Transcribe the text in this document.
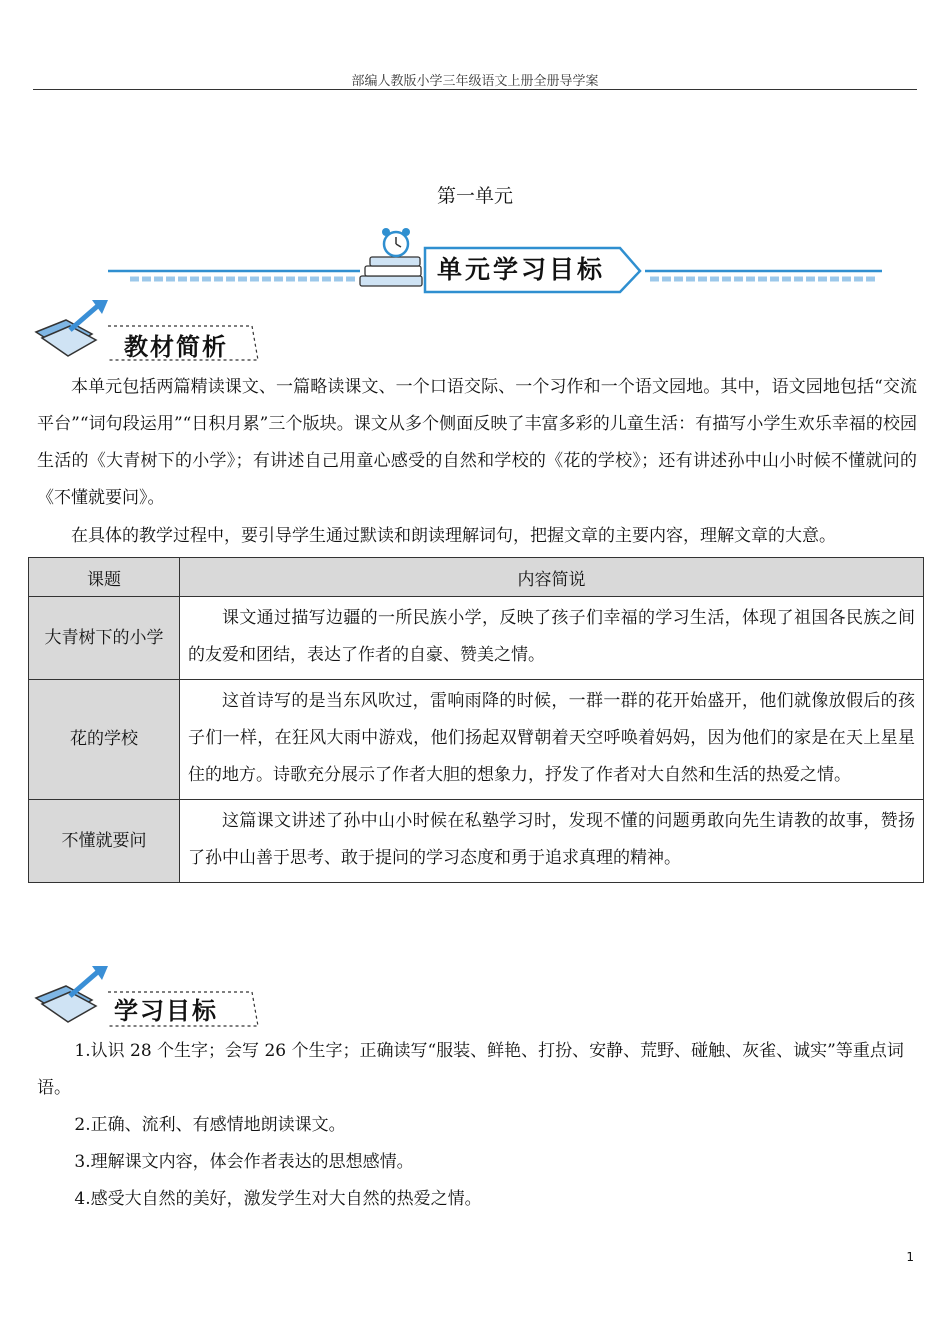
部编人教版小学三年级语文上册全册导学案
第一单元
单元学习目标
教材简析

本单元包括两篇精读课文、一篇略读课文、一个口语交际、一个习作和一个语文园地。其中，语文园地包括“交流平台”“词句段运用”“日积月累”三个版块。课文从多个侧面反映了丰富多彩的儿童生活：有描写小学生欢乐幸福的校园生活的《大青树下的小学》；有讲述自己用童心感受的自然和学校的《花的学校》；还有讲述孙中山小时候不懂就问的《不懂就要问》。

在具体的教学过程中，要引导学生通过默读和朗读理解词句，把握文章的主要内容，理解文章的大意。

课题	内容简说
大青树下的小学	课文通过描写边疆的一所民族小学，反映了孩子们幸福的学习生活，体现了祖国各民族之间的友爱和团结，表达了作者的自豪、赞美之情。
花的学校	这首诗写的是当东风吹过，雷响雨降的时候，一群一群的花开始盛开，他们就像放假后的孩子们一样，在狂风大雨中游戏，他们扬起双臂朝着天空呼唤着妈妈，因为他们的家是在天上星星住的地方。诗歌充分展示了作者大胆的想象力，抒发了作者对大自然和生活的热爱之情。
不懂就要问	这篇课文讲述了孙中山小时候在私塾学习时，发现不懂的问题勇敢向先生请教的故事，赞扬了孙中山善于思考、敢于提问的学习态度和勇于追求真理的精神。
学习目标

1.认识 28 个生字；会写 26 个生字；正确读写“服装、鲜艳、打扮、安静、荒野、碰触、灰雀、诚实”等重点词语。

2.正确、流利、有感情地朗读课文。

3.理解课文内容，体会作者表达的思想感情。

4.感受大自然的美好，激发学生对大自然的热爱之情。

1
